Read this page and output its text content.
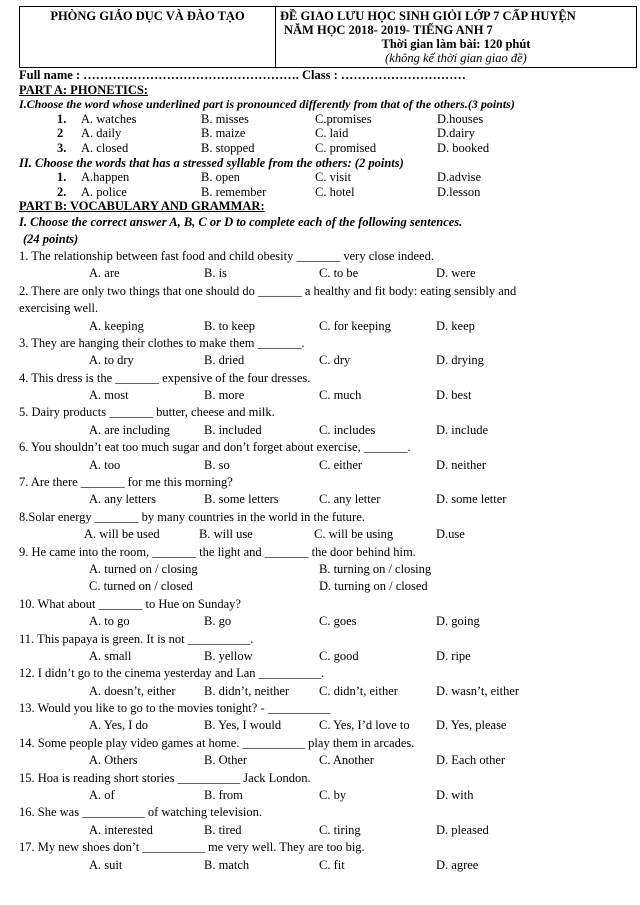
PHÒNG GIÁO DỤC VÀ ĐÀO TẠO	ĐỀ GIAO LƯU HỌC SINH GIỎI LỚP 7 CẤP HUYỆN
NĂM HỌC 2018- 2019- TIẾNG ANH 7
Thời gian làm bài: 120 phút
(không kể thời gian giao đề)
Full name : ……………………………………………. Class : …………………………
PART A: PHONETICS:
I.Choose the word whose underlined part is pronounced differently from that of the others.(3 points)
1. A. watches	B. misses	C.promises	D.houses
2 A. daily	B. maize	C. laid	D.dairy
3. A. closed	B. stopped	C. promised	D. booked
II. Choose the words that has a stressed syllable from the others: (2 points)
1. A.happen	B. open	C. visit	D.advise
2. A. police	B. remember	C. hotel	D.lesson
PART B: VOCABULARY AND GRAMMAR:
I. Choose the correct answer A, B, C or D to complete each of the following sentences.
(24 points)
1. The relationship between fast food and child obesity _______ very close indeed.
A. are	B. is	C. to be	D. were
2. There are only two things that one should do _______ a healthy and fit body: eating sensibly and
exercising well.
A. keeping	B. to keep	C. for keeping	D. keep
3. They are hanging their clothes to make them _______.
A. to dry	B. dried	C. dry	D. drying
4. This dress is the _______ expensive of the four dresses.
A. most	B. more	C. much	D. best
5. Dairy products _______ butter, cheese and milk.
A. are including	B. included	C. includes	D. include
6. You shouldn’t eat too much sugar and don’t forget about exercise, _______.
A. too	B. so	C. either	D. neither
7. Are there _______ for me this morning?
A. any letters	B. some letters	C. any letter	D. some letter
8.Solar energy _______ by many countries in the world in the future.
A. will be used	B. will use	C. will be using	D.use
9. He came into the room, _______ the light and _______ the door behind him.
A. turned on / closing	B. turning on / closing
C. turned on / closed	D. turning on / closed
10. What about _______ to Hue on Sunday?
A. to go	B. go	C. goes	D. going
11. This papaya is green. It is not __________.
A. small	B. yellow	C. good	D. ripe
12. I didn’t go to the cinema yesterday and Lan __________.
A. doesn’t, either B. didn’t, neither C. didn’t, either	D. wasn’t, either
13. Would you like to go to the movies tonight? - __________
A. Yes, I do	B. Yes, I would	C. Yes, I’d love to D. Yes, please
14. Some people play video games at home. __________ play them in arcades.
A. Others	B. Other	C. Another	D. Each other
15. Hoa is reading short stories __________ Jack London.
A. of	B. from	C. by	D. with
16. She was __________ of watching television.
A. interested	B. tired	C. tiring	D. pleased
17. My new shoes don’t __________ me very well. They are too big.
A. suit	B. match	C. fit	D. agree
